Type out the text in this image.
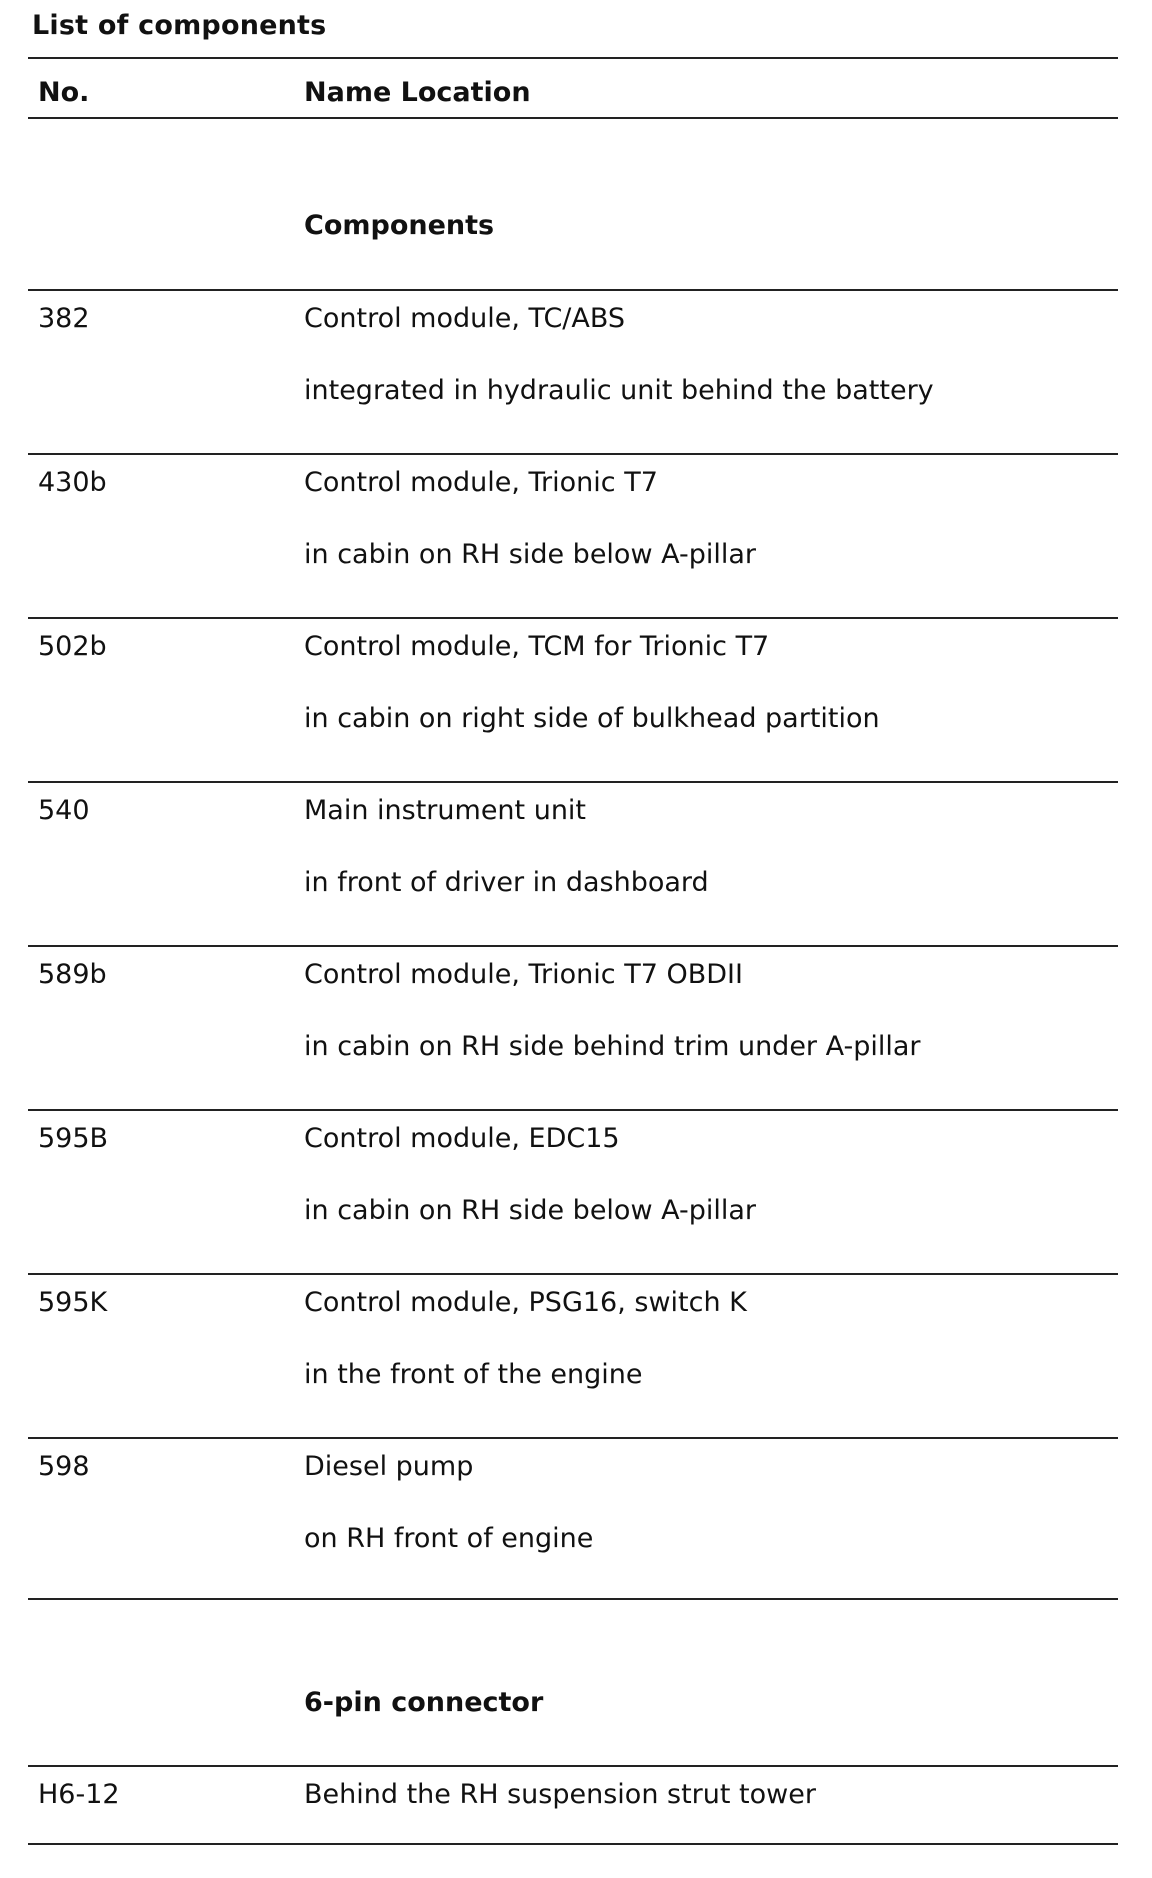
List of components
No.	Name Location
Components
382	Control module, TC/ABS
integrated in hydraulic unit behind the battery
430b	Control module, Trionic T7
in cabin on RH side below A-pillar
502b	Control module, TCM for Trionic T7
in cabin on right side of bulkhead partition
540	Main instrument unit
in front of driver in dashboard
589b	Control module, Trionic T7 OBDII
in cabin on RH side behind trim under A-pillar
595B	Control module, EDC15
in cabin on RH side below A-pillar
595K	Control module, PSG16, switch K
in the front of the engine
598	Diesel pump
on RH front of engine
6-pin connector
H6-12	Behind the RH suspension strut tower
